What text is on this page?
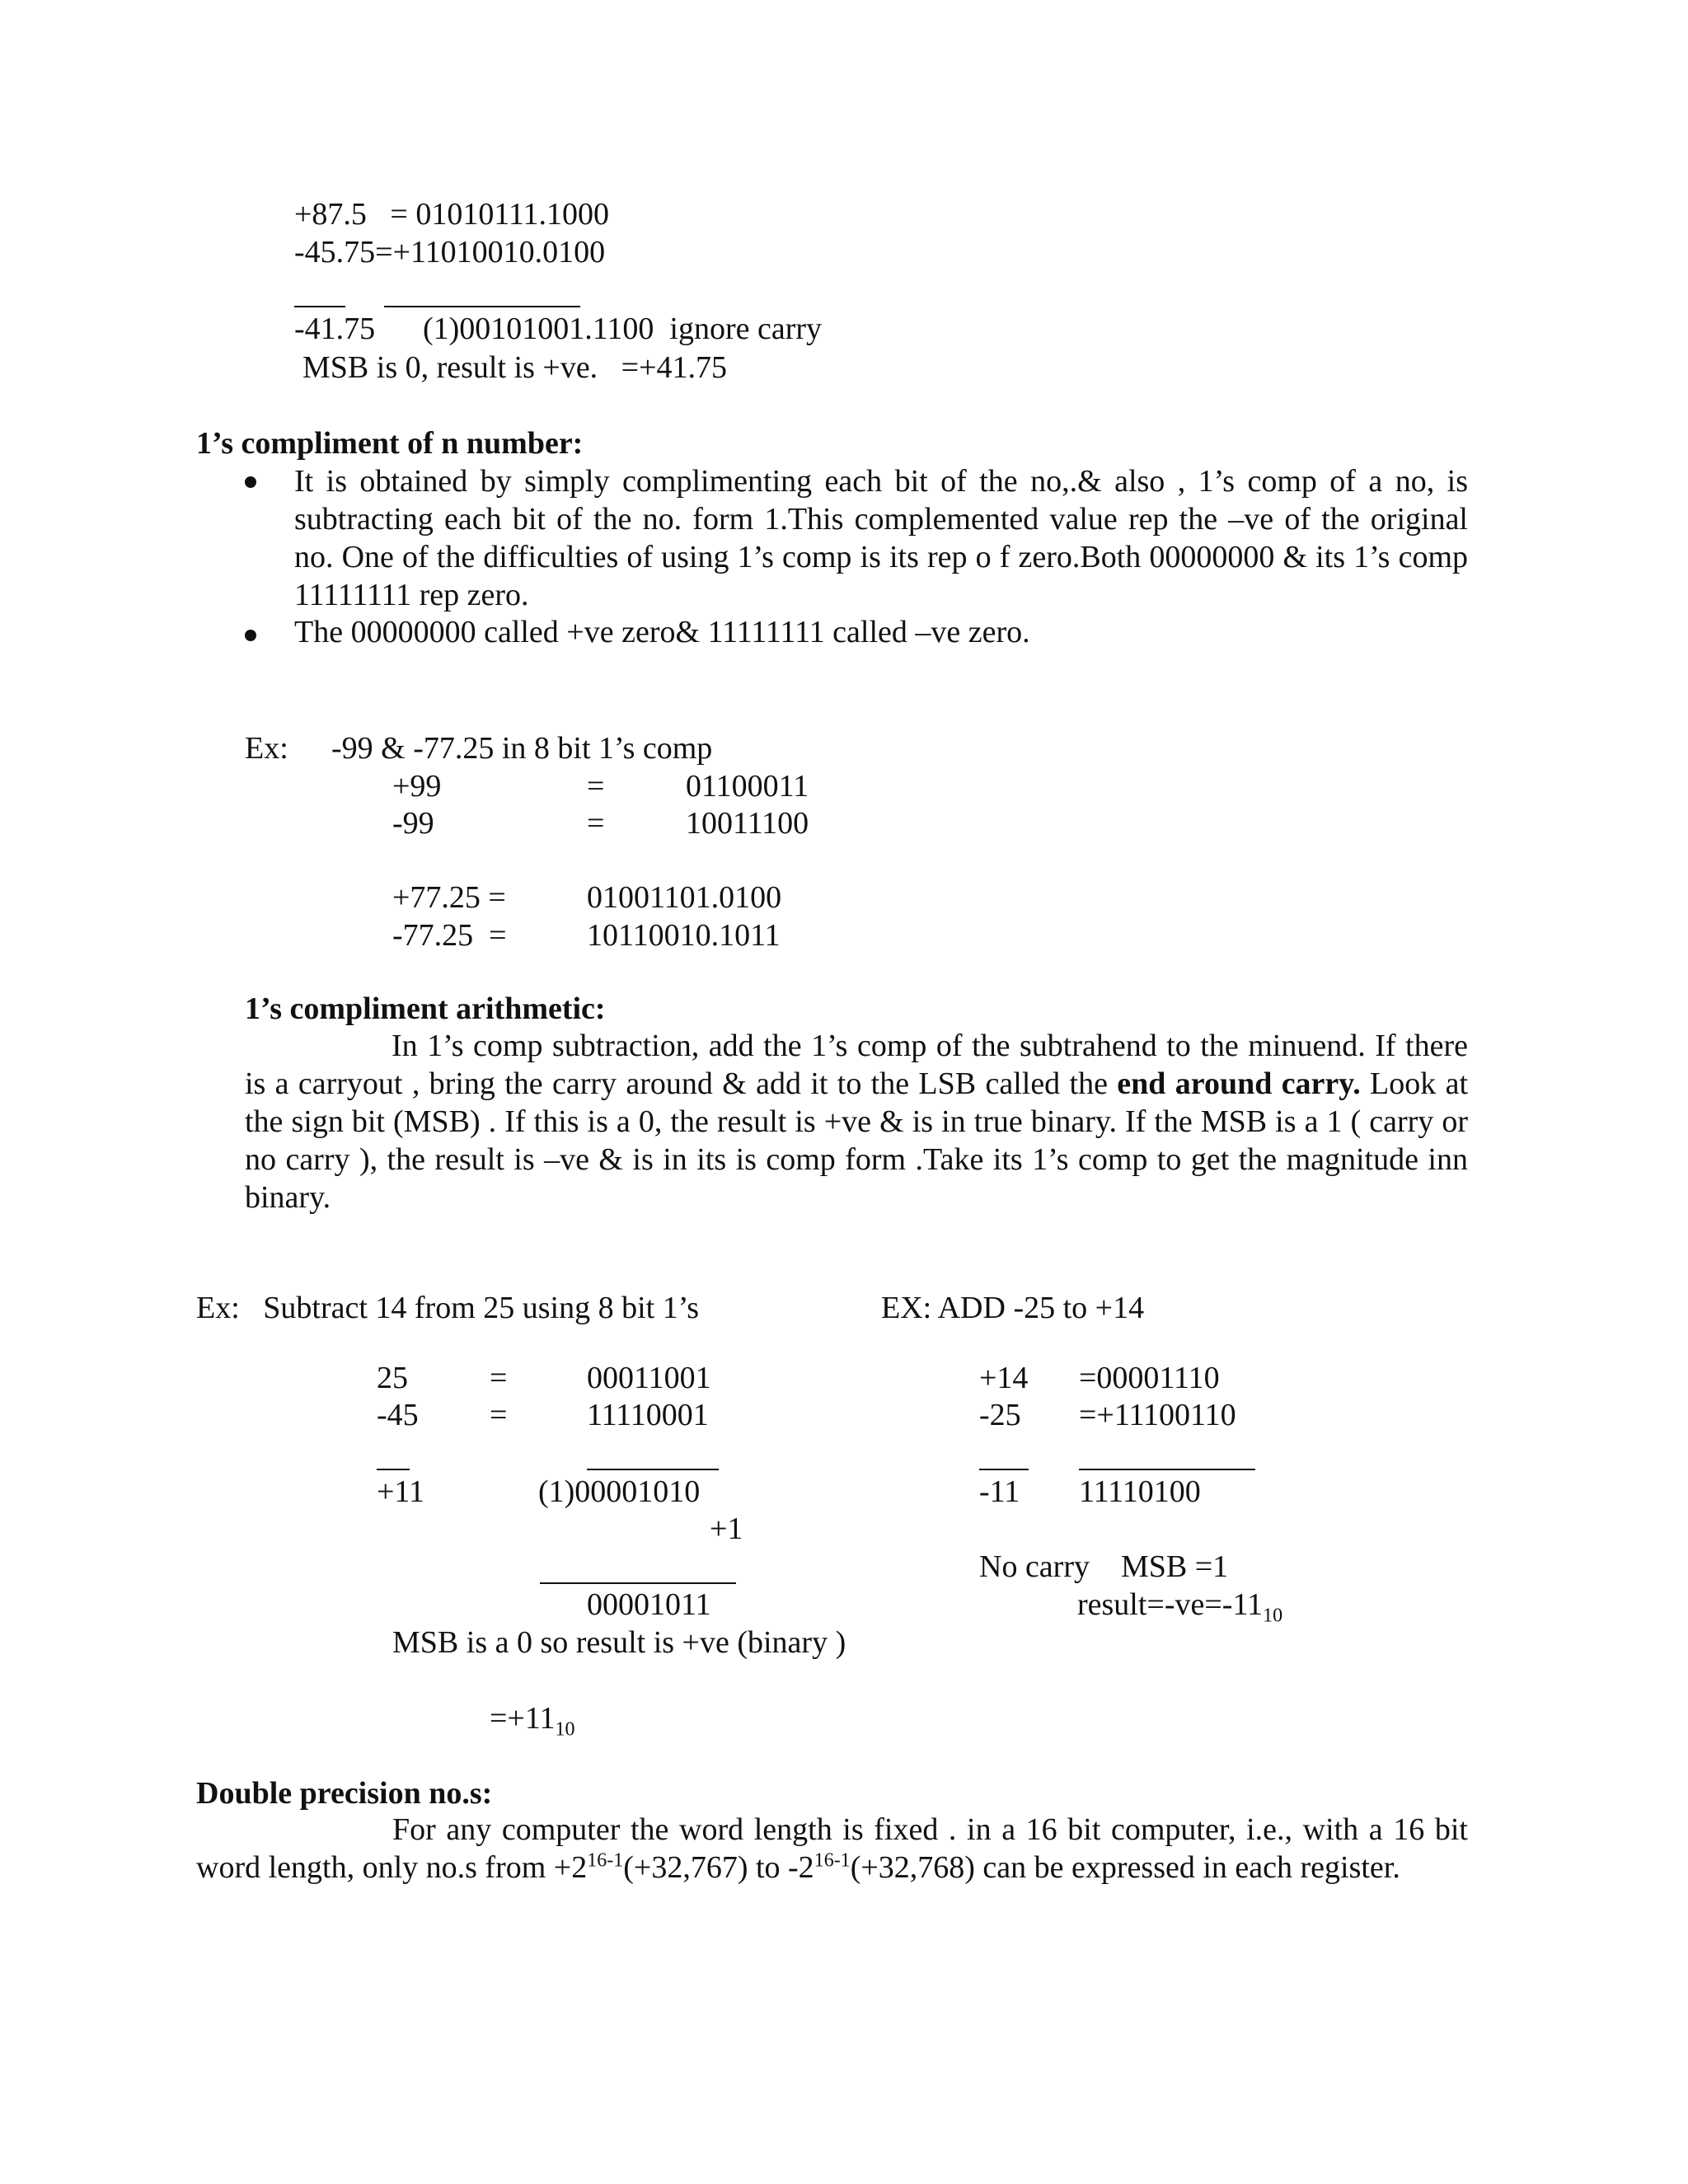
+87.5   = 01010111.1000
-45.75=+11010010.0100
-41.75 (1)00101001.1100  ignore carry
MSB is 0, result is +ve.   =+41.75
1’s compliment of n number:
It is obtained by simply complimenting each bit of the no,.& also , 1’s comp of a no, is subtracting each bit of the no. form 1.This complemented value rep the –ve of the original no. One of the difficulties of using 1’s comp is its rep o f zero.Both 00000000 & its 1’s comp 11111111 rep zero.
The 00000000 called +ve zero& 11111111 called –ve zero.
Ex: -99 & -77.25 in 8 bit 1’s comp
+99	=	01100011
-99	=	10011100
+77.25 =	01001101.0100
-77.25  =	10110010.1011
1’s compliment arithmetic:
In 1’s comp subtraction, add the 1’s comp of the subtrahend to the minuend. If there is a carryout , bring the carry around & add it to the LSB called the end around carry. Look at the sign bit (MSB) . If this is a 0, the result is +ve & is in true binary. If the MSB is a 1 ( carry or no carry ), the result is –ve & is in its is comp form .Take its 1’s comp to get the magnitude inn binary.
Ex:   Subtract 14 from 25 using 8 bit 1’s
25	=	00011001
-45 =	11110001
+11	(1)00001010
+1
00001011
MSB is a 0 so result is +ve (binary )
$=+11_{10}$
EX: ADD -25 to +14
+14 =00001110
-25 =+11100110
-11 11110100
No carry    MSB =1
$result=-ve=-11_{10}$
Double precision no.s:
For any computer the word length is fixed . in a 16 bit computer, i.e., with a 16 bit word length, only no.s from $+2^{16-1}(+32,767)$ to $-2^{16-1}(+32,768)$ can be expressed in each register.
